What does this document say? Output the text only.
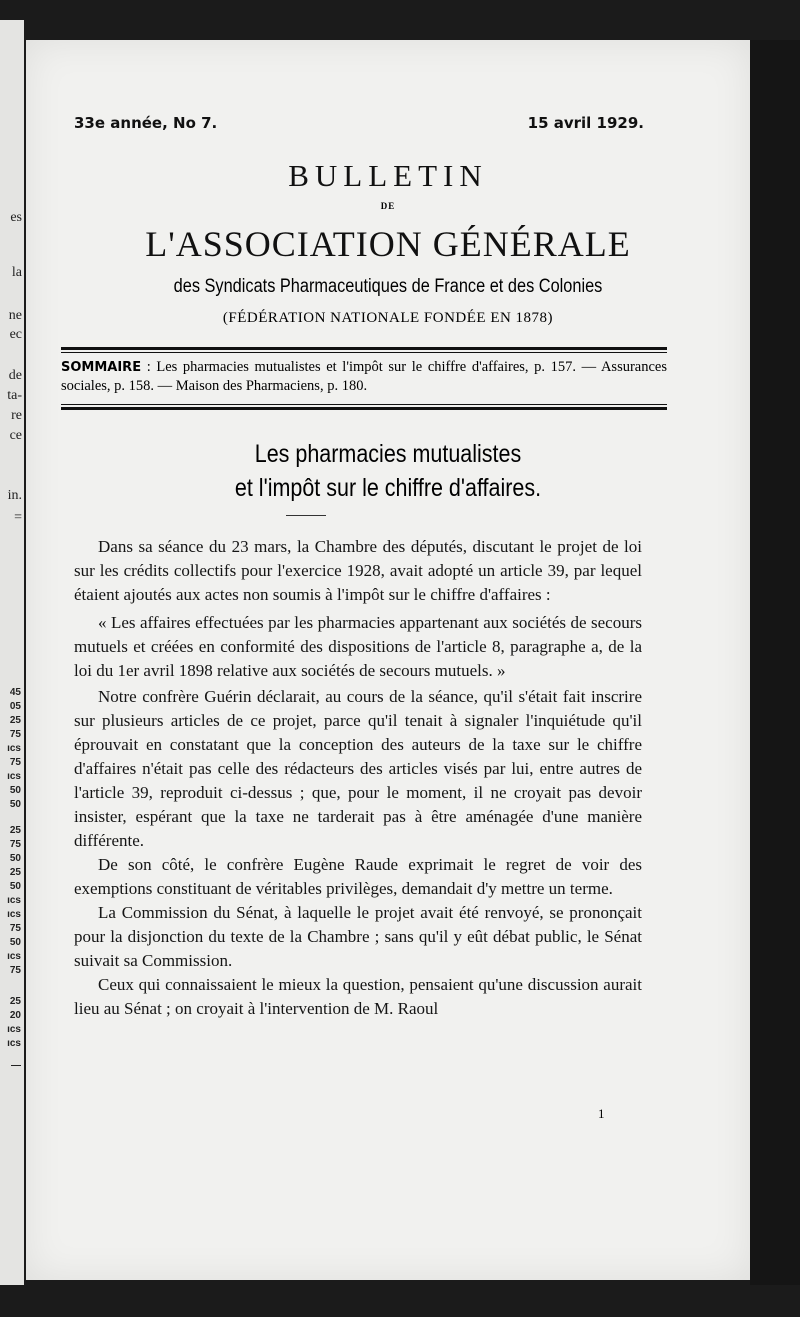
es
la
ne
ec
de
ta-
re
ce
in.
=
45
05
25
75
ıcs
75
ıcs
50
50
25
75
50
25
50
ıcs
ıcs
75
50
ıcs
75
25
20
ıcs
ıcs
—
33e année, No 7.	15 avril 1929.
BULLETIN
DE
L'ASSOCIATION GÉNÉRALE
des Syndicats Pharmaceutiques de France et des Colonies
(FÉDÉRATION NATIONALE FONDÉE EN 1878)
SOMMAIRE : Les pharmacies mutualistes et l'impôt sur le chiffre d'affaires, p. 157. — Assurances sociales, p. 158. — Maison des Pharmaciens, p. 180.
Les pharmacies mutualistes
et l'impôt sur le chiffre d'affaires.

Dans sa séance du 23 mars, la Chambre des députés, discutant le projet de loi sur les crédits collectifs pour l'exercice 1928, avait adopté un article 39, par lequel étaient ajoutés aux actes non soumis à l'impôt sur le chiffre d'affaires :

« Les affaires effectuées par les pharmacies appartenant aux sociétés de secours mutuels et créées en conformité des dispositions de l'article 8, paragraphe a, de la loi du 1er avril 1898 relative aux sociétés de secours mutuels. »

Notre confrère Guérin déclarait, au cours de la séance, qu'il s'était fait inscrire sur plusieurs articles de ce projet, parce qu'il tenait à signaler l'inquiétude qu'il éprouvait en constatant que la conception des auteurs de la taxe sur le chiffre d'affaires n'était pas celle des rédacteurs des articles visés par lui, entre autres de l'article 39, reproduit ci-dessus ; que, pour le moment, il ne croyait pas devoir insister, espérant que la taxe ne tarderait pas à être aménagée d'une manière différente.

De son côté, le confrère Eugène Raude exprimait le regret de voir des exemptions constituant de véritables privilèges, demandait d'y mettre un terme.

La Commission du Sénat, à laquelle le projet avait été renvoyé, se prononçait pour la disjonction du texte de la Chambre ; sans qu'il y eût débat public, le Sénat suivait sa Commission.

Ceux qui connaissaient le mieux la question, pensaient qu'une discussion aurait lieu au Sénat ; on croyait à l'intervention de M. Raoul

1
